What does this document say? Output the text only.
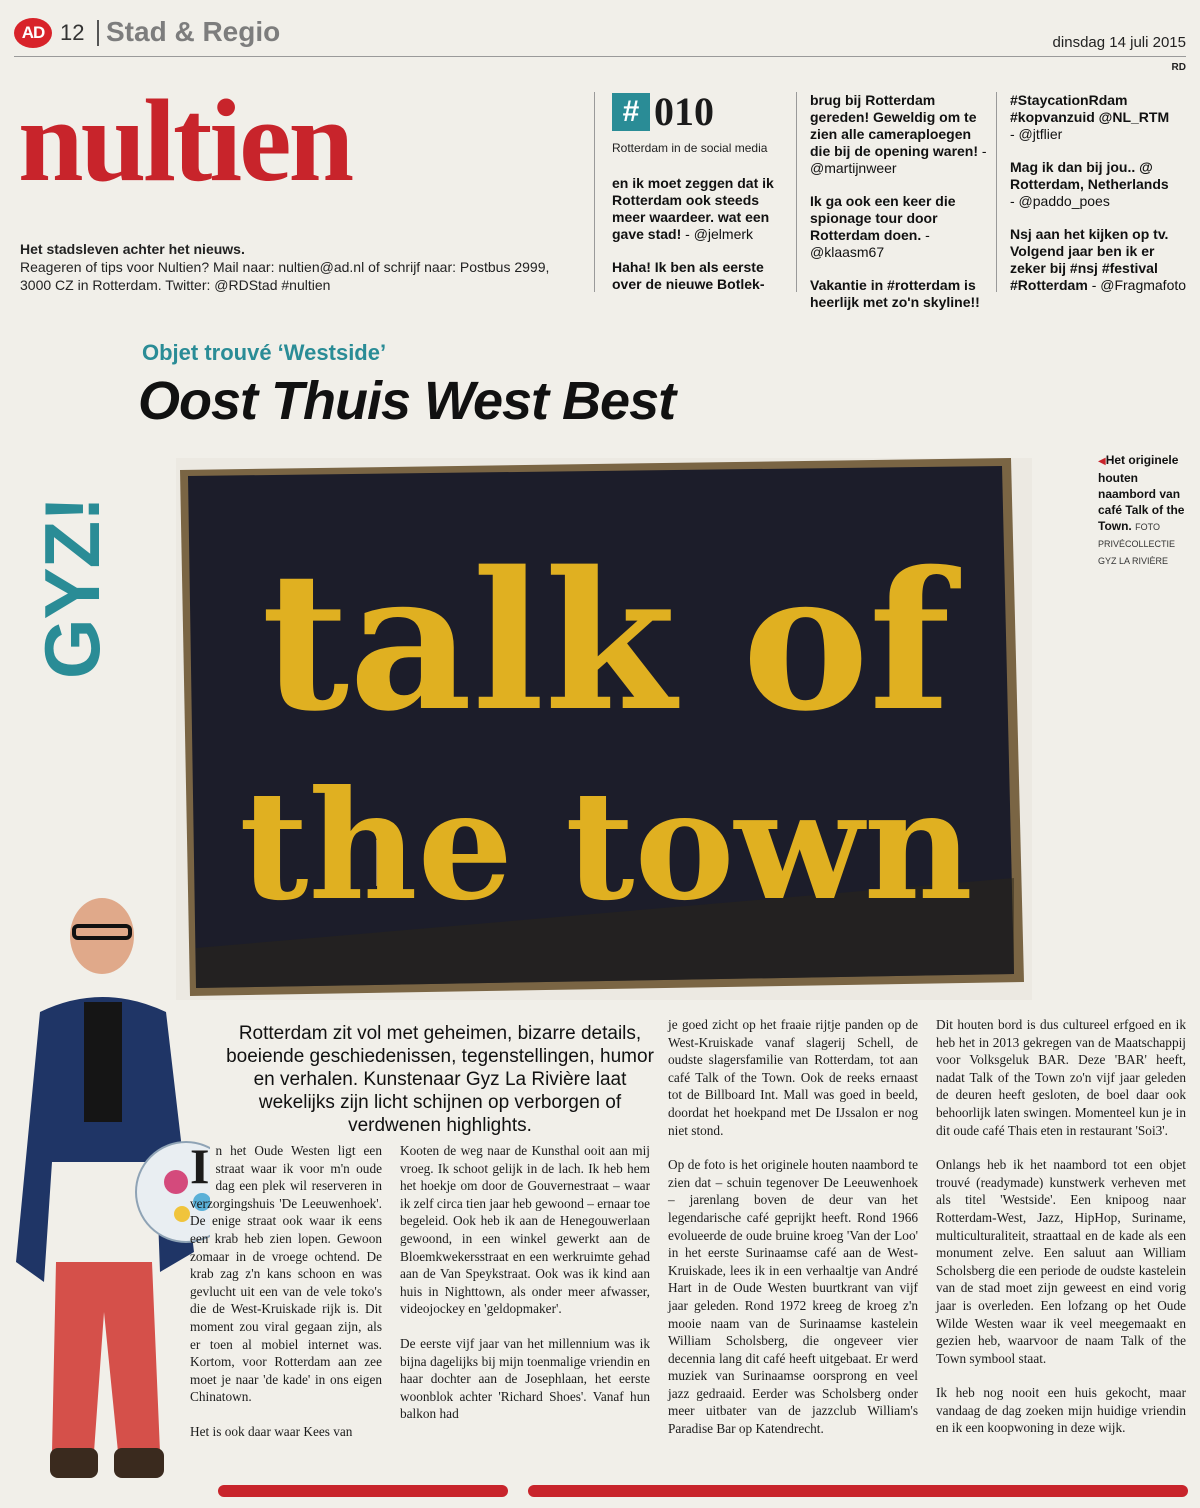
AD 12 Stad & Regio	dinsdag 14 juli 2015
RD
nultien
Het stadsleven achter het nieuws.
Reageren of tips voor Nultien? Mail naar: nultien@ad.nl of schrijf naar: Postbus 2999, 3000 CZ in Rotterdam. Twitter: @RDStad #nultien
# 010
Rotterdam in de social media

en ik moet zeggen dat ik Rotterdam ook steeds meer waardeer. wat een gave stad! - @jelmerk

Haha! Ik ben als eerste over de nieuwe Botlek-

brug bij Rotterdam gereden! Geweldig om te zien alle cameraploegen die bij de opening waren! - @martijnweer

Ik ga ook een keer die spionage tour door Rotterdam doen. - @klaasm67

Vakantie in #rotterdam is heerlijk met zo'n skyline!!

#StaycationRdam #kopvanzuid @NL_RTM
- @jtflier

Mag ik dan bij jou.. @ Rotterdam, Netherlands
- @paddo_poes

Nsj aan het kijken op tv. Volgend jaar ben ik er zeker bij #nsj #festival #Rotterdam - @Fragmafoto

Objet trouvé ‘Westside’
Oost Thuis West Best
GYZ! talk of
the town
◀Het originele houten naambord van café Talk of the Town. FOTO PRIVÉCOLLECTIE GYZ LA RIVIÈRE
Rotterdam zit vol met geheimen, bizarre details, boeiende geschiedenissen, tegenstellingen, humor en verhalen. Kunstenaar Gyz La Rivière laat wekelijks zijn licht schijnen op verborgen of verdwenen highlights.

In het Oude Westen ligt een straat waar ik voor m'n oude dag een plek wil reserveren in verzorgingshuis 'De Leeuwenhoek'. De enige straat ook waar ik eens een krab heb zien lopen. Gewoon zomaar in de vroege ochtend. De krab zag z'n kans schoon en was gevlucht uit een van de vele toko's die de West-Kruiskade rijk is. Dit moment zou viral gegaan zijn, als er toen al mobiel internet was. Kortom, voor Rotterdam aan zee moet je naar 'de kade' in ons eigen Chinatown.

Het is ook daar waar Kees van

Kooten de weg naar de Kunsthal ooit aan mij vroeg. Ik schoot gelijk in de lach. Ik heb hem het hoekje om door de Gouvernestraat – waar ik zelf circa tien jaar heb gewoond – ernaar toe begeleid. Ook heb ik aan de Henegouwerlaan gewoond, in een winkel gewerkt aan de Bloemkwekersstraat en een werkruimte gehad aan de Van Speykstraat. Ook was ik kind aan huis in Nighttown, als onder meer afwasser, videojockey en 'geldopmaker'.

De eerste vijf jaar van het millennium was ik bijna dagelijks bij mijn toenmalige vriendin en haar dochter aan de Josephlaan, het eerste woonblok achter 'Richard Shoes'. Vanaf hun balkon had

je goed zicht op het fraaie rijtje panden op de West-Kruiskade vanaf slagerij Schell, de oudste slagersfamilie van Rotterdam, tot aan café Talk of the Town. Ook de reeks ernaast tot de Billboard Int. Mall was goed in beeld, doordat het hoekpand met De IJssalon er nog niet stond.

Op de foto is het originele houten naambord te zien dat – schuin tegenover De Leeuwenhoek – jarenlang boven de deur van het legendarische café geprijkt heeft. Rond 1966 evolueerde de oude bruine kroeg 'Van der Loo' in het eerste Surinaamse café aan de West-Kruiskade, lees ik in een verhaaltje van André Hart in de Oude Westen buurtkrant van vijf jaar geleden. Rond 1972 kreeg de kroeg z'n mooie naam van de Surinaamse kastelein William Scholsberg, die ongeveer vier decennia lang dit café heeft uitgebaat. Er werd muziek van Surinaamse oorsprong en veel jazz gedraaid. Eerder was Scholsberg onder meer uitbater van de jazzclub William's Paradise Bar op Katendrecht.

Dit houten bord is dus cultureel erfgoed en ik heb het in 2013 gekregen van de Maatschappij voor Volksgeluk BAR. Deze 'BAR' heeft, nadat Talk of the Town zo'n vijf jaar geleden de deuren heeft gesloten, de boel daar ook behoorlijk laten swingen. Momenteel kun je in dit oude café Thais eten in restaurant 'Soi3'.

Onlangs heb ik het naambord tot een objet trouvé (readymade) kunstwerk verheven met als titel 'Westside'. Een knipoog naar Rotterdam-West, Jazz, HipHop, Suriname, multiculturaliteit, straattaal en de kade als een monument zelve. Een saluut aan William Scholsberg die een periode de oudste kastelein van de stad moet zijn geweest en eind vorig jaar is overleden. Een lofzang op het Oude Wilde Westen waar ik veel meegemaakt en gezien heb, waarvoor de naam Talk of the Town symbool staat.

Ik heb nog nooit een huis gekocht, maar vandaag de dag zoeken mijn huidige vriendin en ik een koopwoning in deze wijk.
